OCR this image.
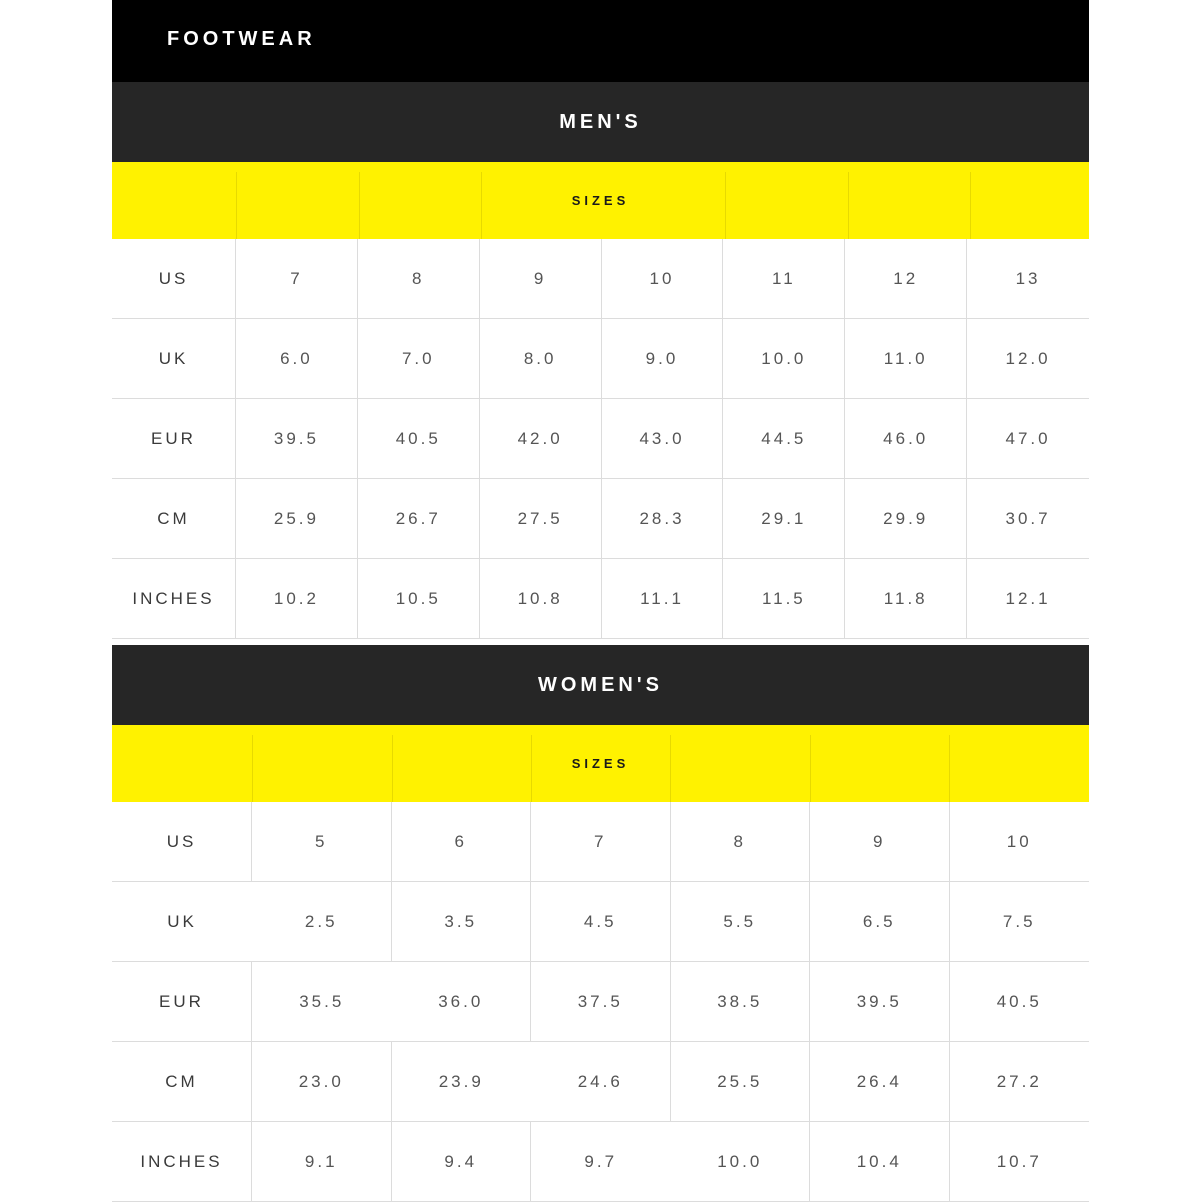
FOOTWEAR
MEN'S
SIZES
US	7	8	9	10	11	12	13
UK	6.0	7.0	8.0	9.0	10.0	11.0	12.0
EUR	39.5	40.5	42.0	43.0	44.5	46.0	47.0
CM	25.9	26.7	27.5	28.3	29.1	29.9	30.7
INCHES	10.2	10.5	10.8	11.1	11.5	11.8	12.1
WOMEN'S
SIZES
US	5	6	7	8	9	10
UK	2.5	3.5	4.5	5.5	6.5	7.5
EUR	35.5	36.0	37.5	38.5	39.5	40.5
CM	23.0	23.9	24.6	25.5	26.4	27.2
INCHES	9.1	9.4	9.7	10.0	10.4	10.7
